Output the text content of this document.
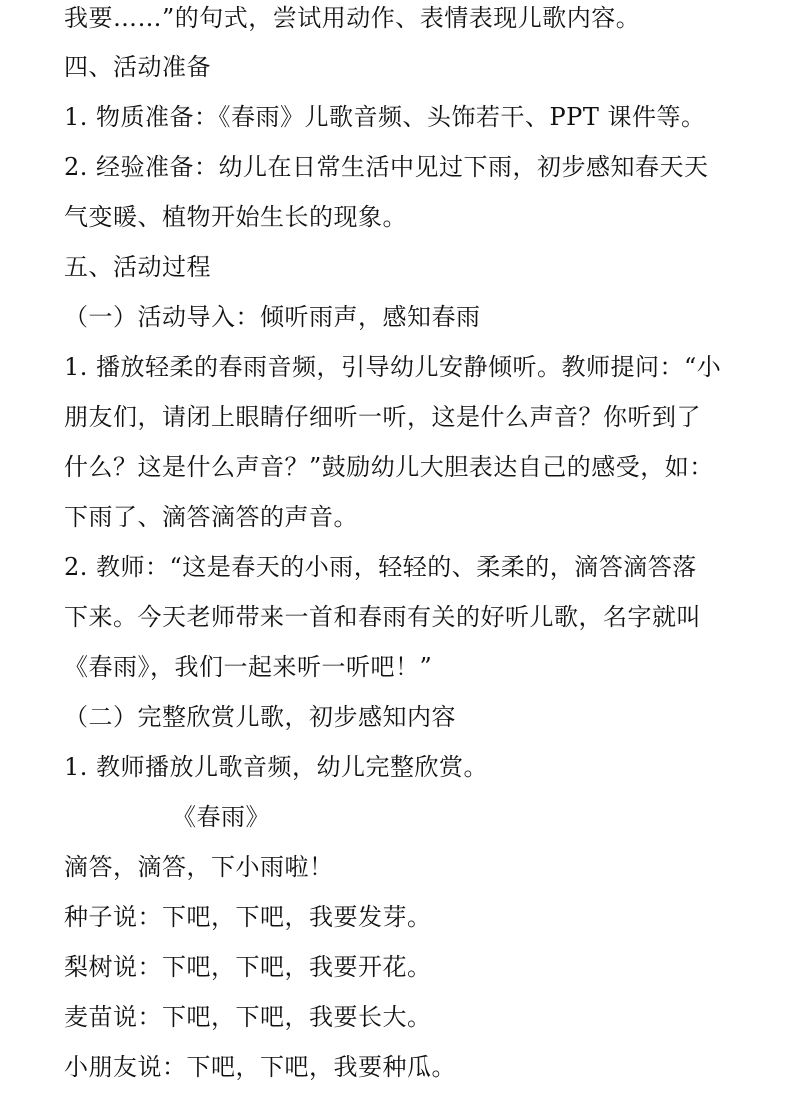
我要……”的句式，尝试用动作、表情表现儿歌内容。
四、活动准备
1. 物质准备：《春雨》儿歌音频、头饰若干、PPT 课件等。
2. 经验准备：幼儿在日常生活中见过下雨，初步感知春天天
气变暖、植物开始生长的现象。
五、活动过程
（一）活动导入：倾听雨声，感知春雨
1. 播放轻柔的春雨音频，引导幼儿安静倾听。教师提问：“小
朋友们，请闭上眼睛仔细听一听，这是什么声音？你听到了
什么？这是什么声音？”鼓励幼儿大胆表达自己的感受，如：
下雨了、滴答滴答的声音。
2. 教师：“这是春天的小雨，轻轻的、柔柔的，滴答滴答落
下来。今天老师带来一首和春雨有关的好听儿歌，名字就叫
《春雨》，我们一起来听一听吧！”
（二）完整欣赏儿歌，初步感知内容
1. 教师播放儿歌音频，幼儿完整欣赏。
《春雨》
滴答，滴答，下小雨啦！
种子说：下吧，下吧，我要发芽。
梨树说：下吧，下吧，我要开花。
麦苗说：下吧，下吧，我要长大。
小朋友说：下吧，下吧，我要种瓜。
